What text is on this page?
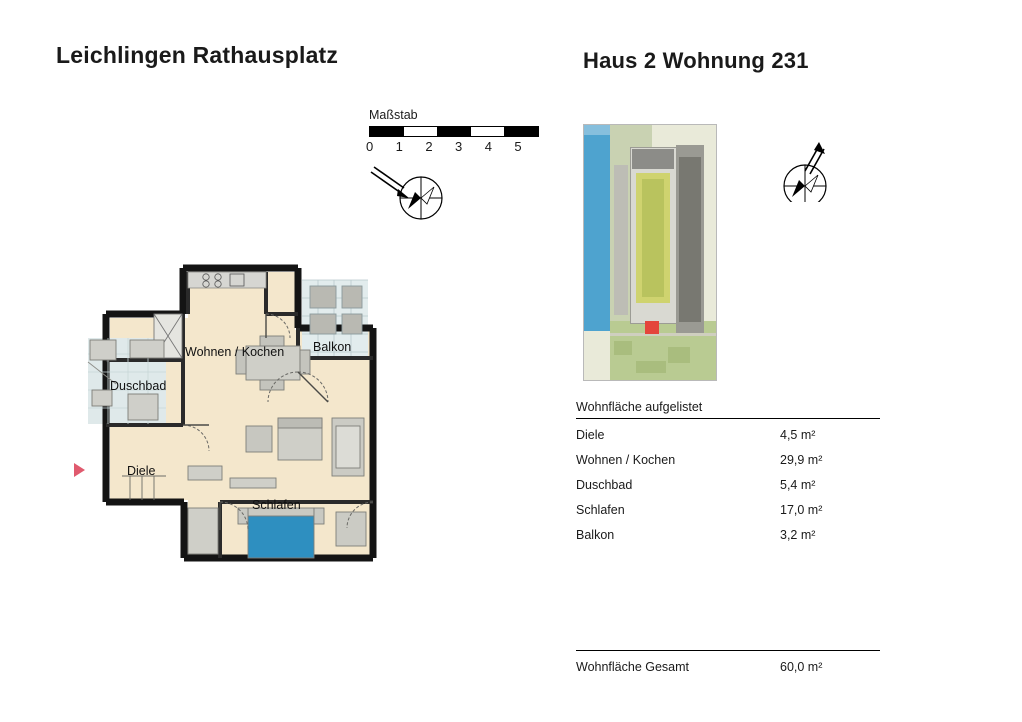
Leichlingen Rathausplatz	Haus 2 Wohnung 231
Maßstab
0	1	2	3	4	5
Wohnen / Kochen Balkon
Duschbad
Diele
Schlafen
Wohnfläche aufgelistet
Diele	4,5 m²
Wohnen / Kochen	29,9 m²
Duschbad	5,4 m²
Schlafen	17,0 m²
Balkon	3,2 m²
Wohnfläche Gesamt	60,0 m²
